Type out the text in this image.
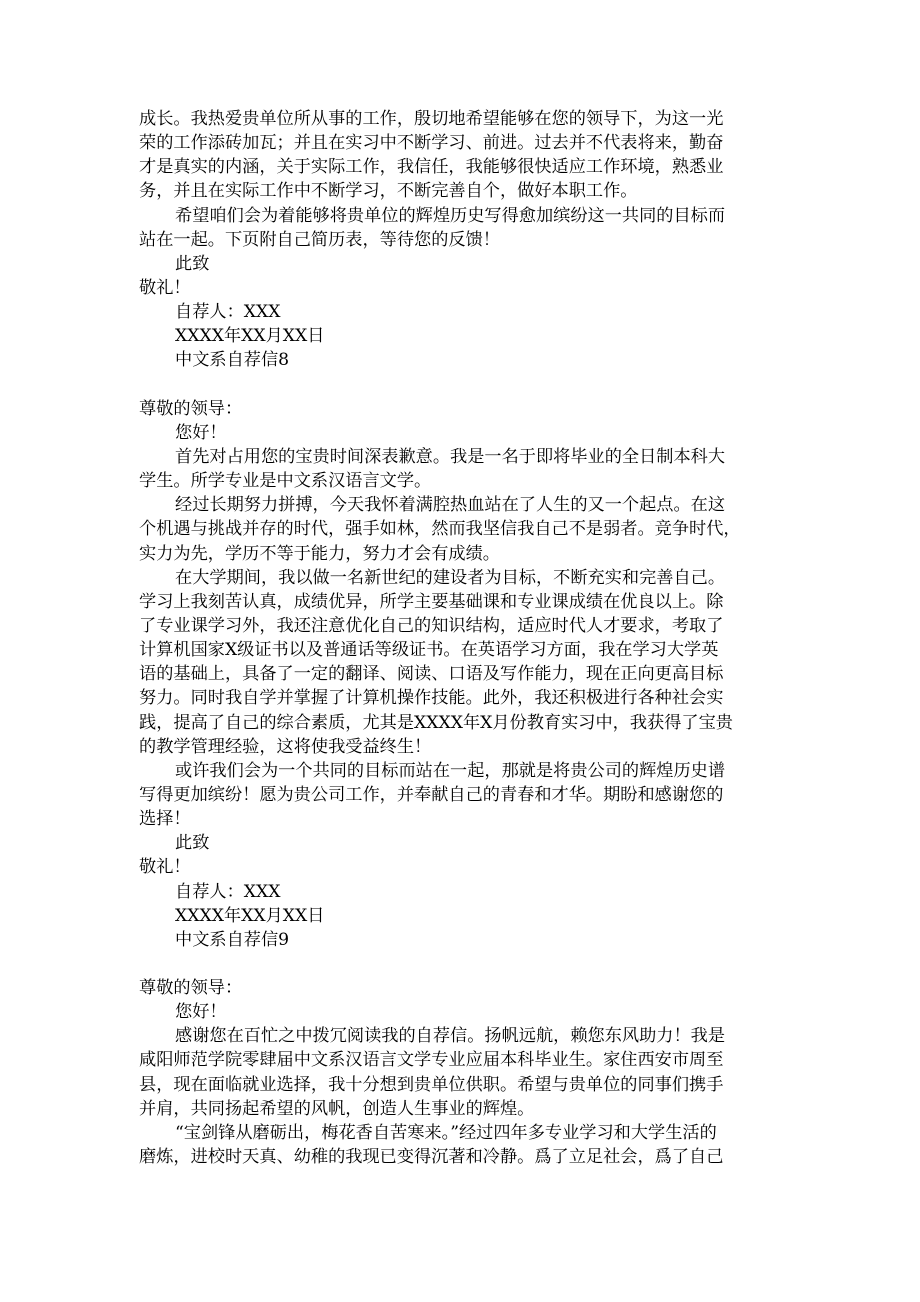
成长。我热爱贵单位所从事的工作，殷切地希望能够在您的领导下，为这一光
荣的工作添砖加瓦；并且在实习中不断学习、前进。过去并不代表将来，勤奋
才是真实的内涵，关于实际工作，我信任，我能够很快适应工作环境，熟悉业
务，并且在实际工作中不断学习，不断完善自个，做好本职工作。
希望咱们会为着能够将贵单位的辉煌历史写得愈加缤纷这一共同的目标而
站在一起。下页附自己简历表，等待您的反馈！
此致
敬礼！
自荐人：XXX
XXXX年XX月XX日
中文系自荐信8
尊敬的领导：
您好！
首先对占用您的宝贵时间深表歉意。我是一名于即将毕业的全日制本科大
学生。所学专业是中文系汉语言文学。
经过长期努力拼搏，今天我怀着满腔热血站在了人生的又一个起点。在这
个机遇与挑战并存的时代，强手如林，然而我坚信我自己不是弱者。竞争时代，
实力为先，学历不等于能力，努力才会有成绩。
在大学期间，我以做一名新世纪的建设者为目标，不断充实和完善自己。
学习上我刻苦认真，成绩优异，所学主要基础课和专业课成绩在优良以上。除
了专业课学习外，我还注意优化自己的知识结构，适应时代人才要求，考取了
计算机国家X级证书以及普通话等级证书。在英语学习方面，我在学习大学英
语的基础上，具备了一定的翻译、阅读、口语及写作能力，现在正向更高目标
努力。同时我自学并掌握了计算机操作技能。此外，我还积极进行各种社会实
践，提高了自己的综合素质，尤其是XXXX年X月份教育实习中，我获得了宝贵
的教学管理经验，这将使我受益终生！
或许我们会为一个共同的目标而站在一起，那就是将贵公司的辉煌历史谱
写得更加缤纷！愿为贵公司工作，并奉献自己的青春和才华。期盼和感谢您的
选择！
此致
敬礼！
自荐人：XXX
XXXX年XX月XX日
中文系自荐信9
尊敬的领导：
您好！
感谢您在百忙之中拨冗阅读我的自荐信。扬帆远航，赖您东风助力！我是
咸阳师范学院零肆届中文系汉语言文学专业应届本科毕业生。家住西安市周至
县，现在面临就业选择，我十分想到贵单位供职。希望与贵单位的同事们携手
并肩，共同扬起希望的风帆，创造人生事业的辉煌。
“宝剑锋从磨砺出，梅花香自苦寒来。”经过四年多专业学习和大学生活的
磨炼，进校时天真、幼稚的我现已变得沉著和冷静。爲了立足社会，爲了自己
